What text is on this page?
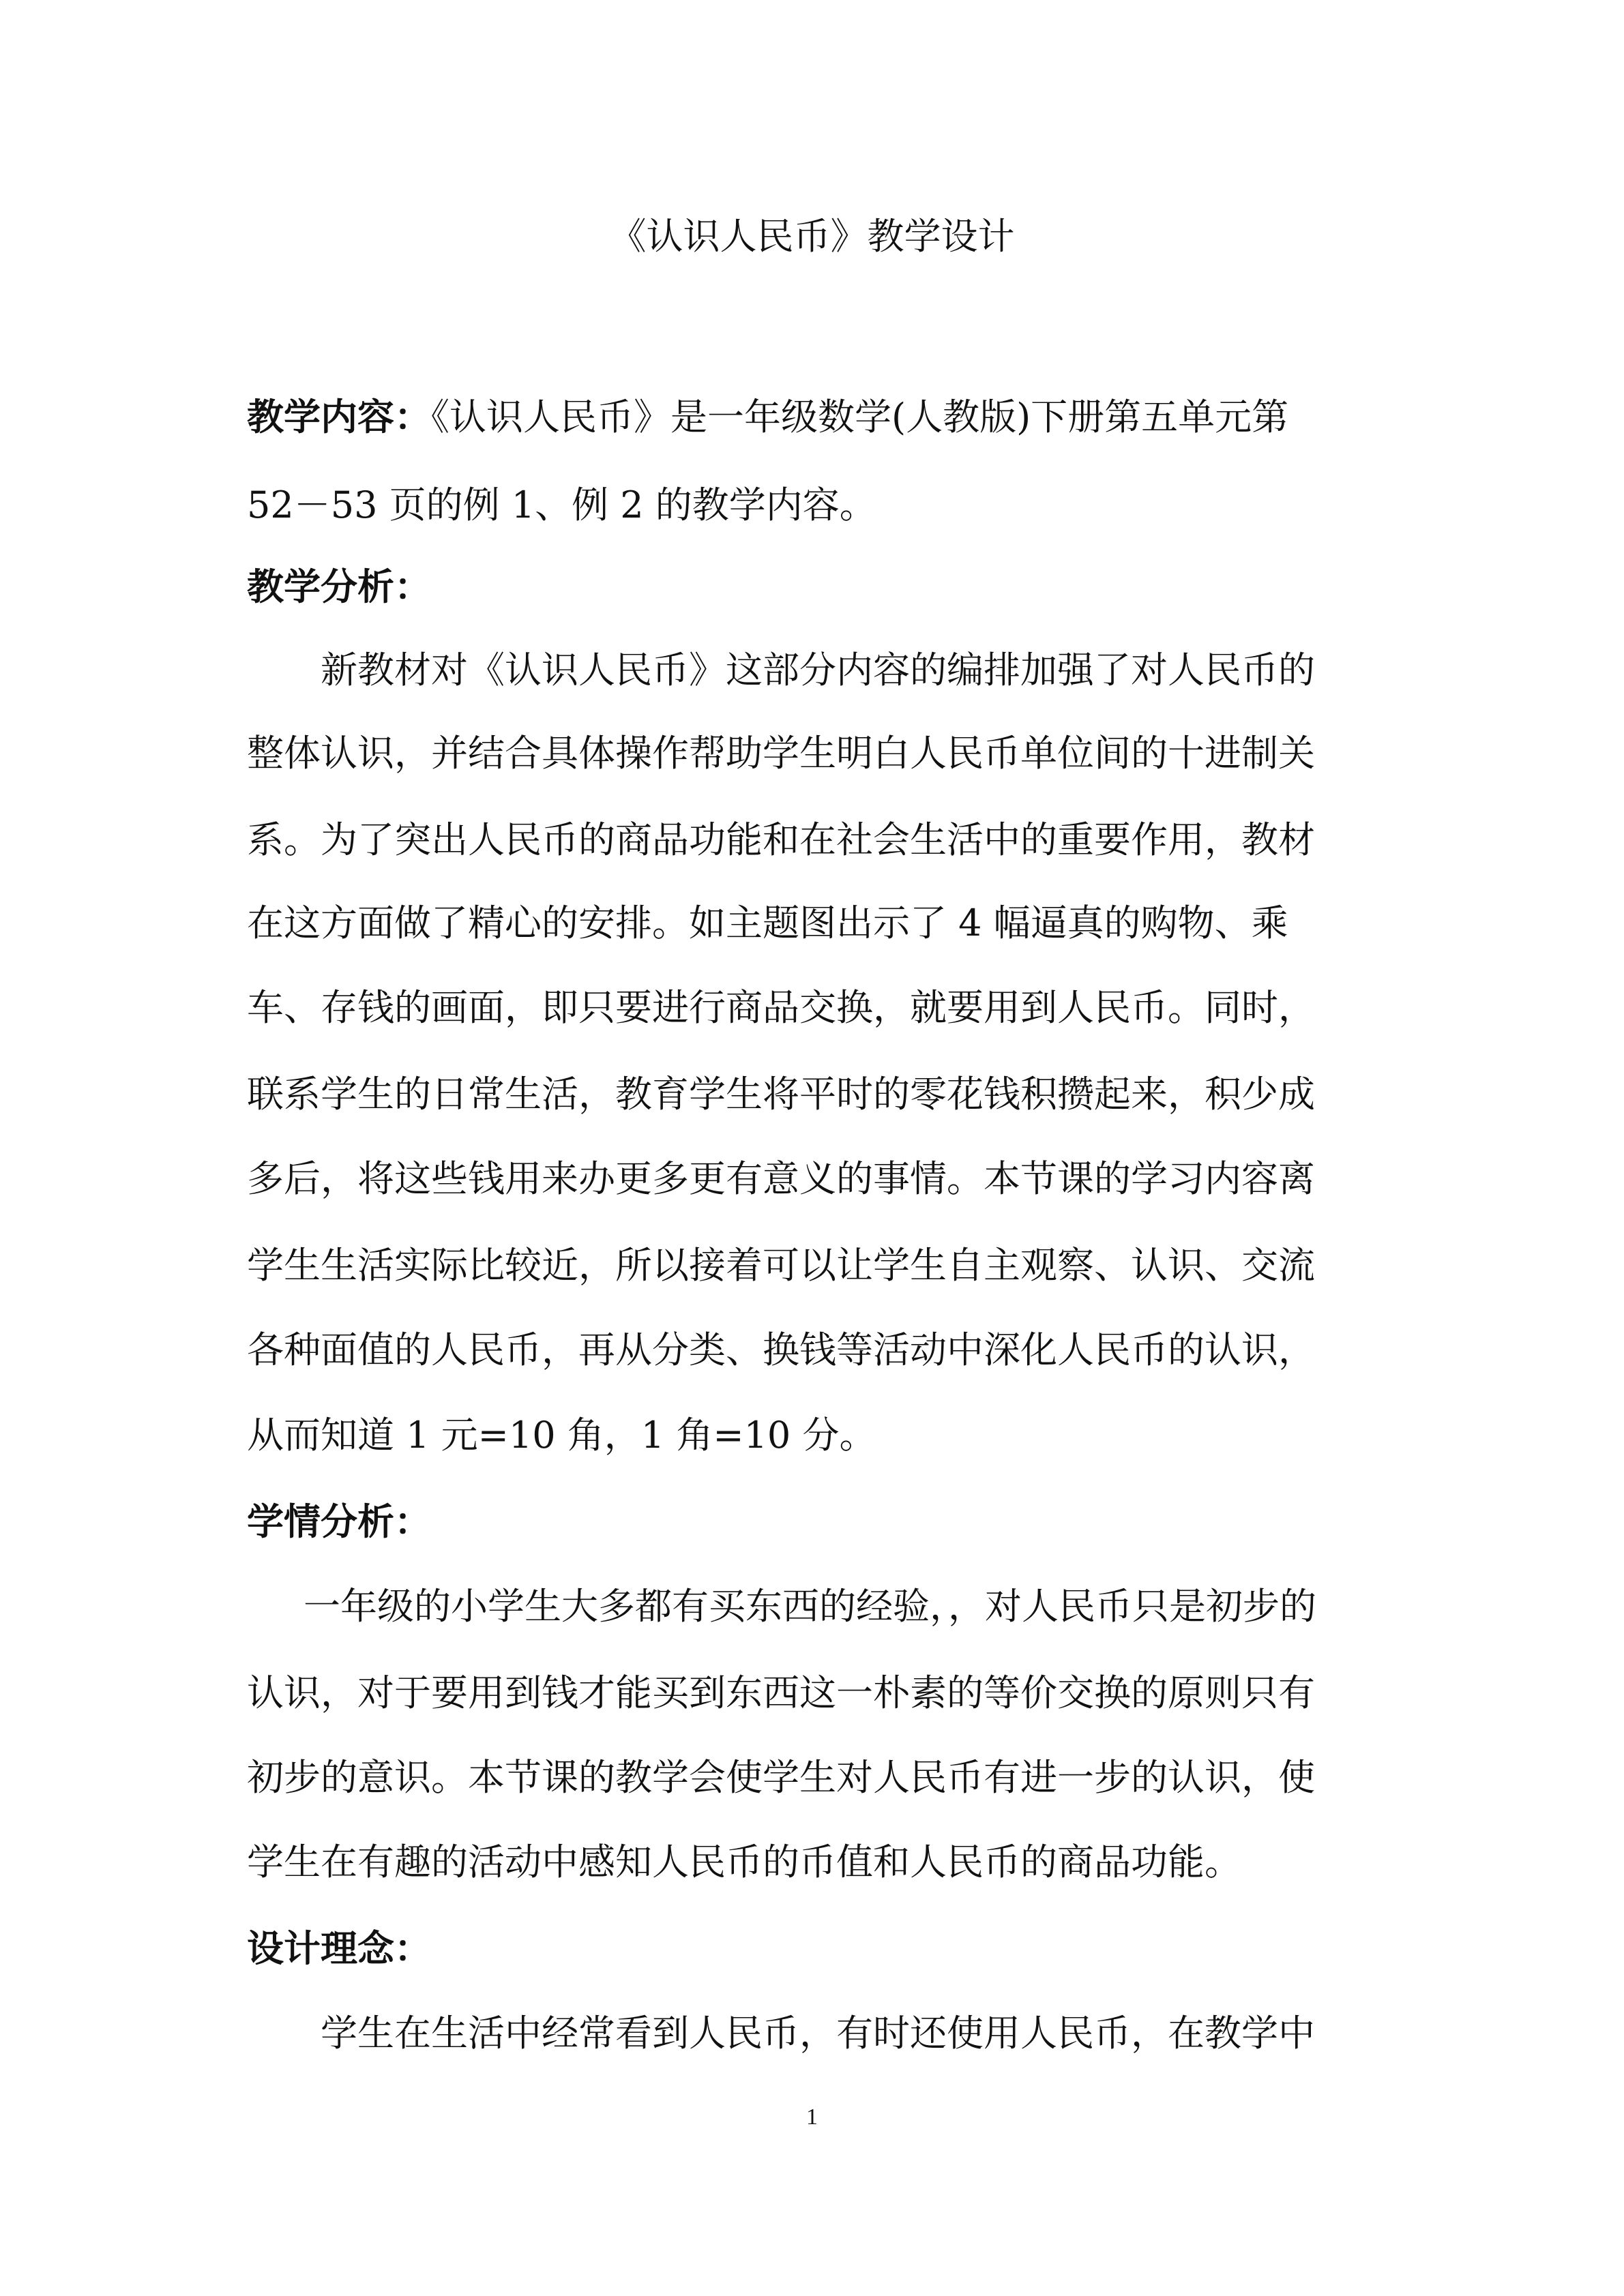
《认识人民币》教学设计

教学内容：《认识人民币》是一年级数学(人教版)下册第五单元第

52－53 页的例 1、例 2 的教学内容。

教学分析：

新教材对《认识人民币》这部分内容的编排加强了对人民币的

整体认识，并结合具体操作帮助学生明白人民币单位间的十进制关

系。为了突出人民币的商品功能和在社会生活中的重要作用，教材

在这方面做了精心的安排。如主题图出示了 4 幅逼真的购物、乘

车、存钱的画面，即只要进行商品交换，就要用到人民币。同时，

联系学生的日常生活，教育学生将平时的零花钱积攒起来，积少成

多后，将这些钱用来办更多更有意义的事情。本节课的学习内容离

学生生活实际比较近，所以接着可以让学生自主观察、认识、交流

各种面值的人民币，再从分类、换钱等活动中深化人民币的认识，

从而知道 1 元=10 角，1 角=10 分。

学情分析：

一年级的小学生大多都有买东西的经验，，对人民币只是初步的

认识，对于要用到钱才能买到东西这一朴素的等价交换的原则只有

初步的意识。本节课的教学会使学生对人民币有进一步的认识，使

学生在有趣的活动中感知人民币的币值和人民币的商品功能。

设计理念：

学生在生活中经常看到人民币，有时还使用人民币，在教学中

1
